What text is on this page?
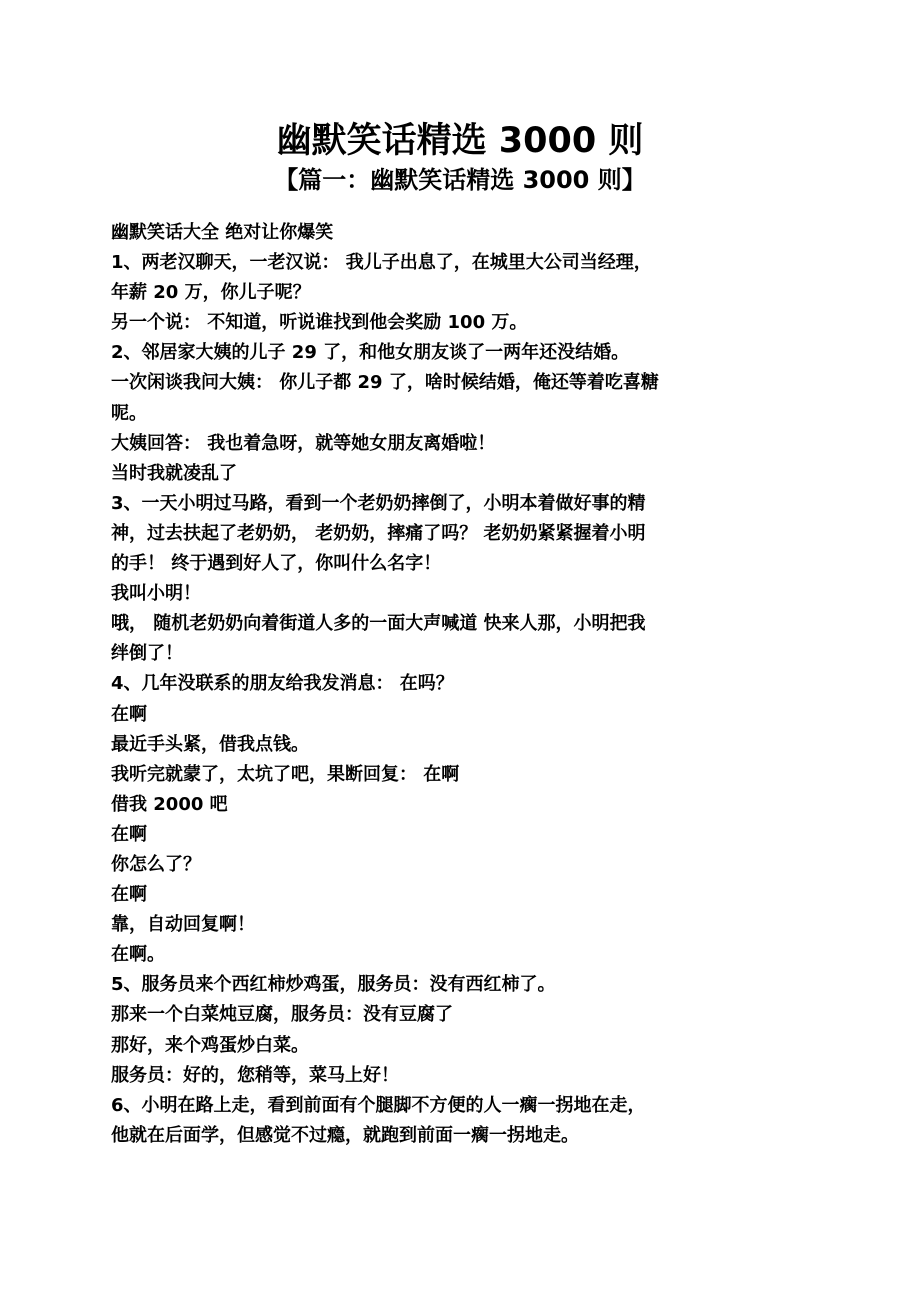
幽默笑话精选 3000 则
【篇一：幽默笑话精选 3000 则】
幽默笑话大全 绝对让你爆笑
1、两老汉聊天，一老汉说： 我儿子出息了，在城里大公司当经理，
年薪 20 万，你儿子呢？
另一个说： 不知道，听说谁找到他会奖励 100 万。
2、邻居家大姨的儿子 29 了，和他女朋友谈了一两年还没结婚。
一次闲谈我问大姨： 你儿子都 29 了，啥时候结婚，俺还等着吃喜糖
呢。
大姨回答： 我也着急呀，就等她女朋友离婚啦！
当时我就凌乱了
3、一天小明过马路，看到一个老奶奶摔倒了，小明本着做好事的精
神，过去扶起了老奶奶， 老奶奶，摔痛了吗？ 老奶奶紧紧握着小明
的手！ 终于遇到好人了，你叫什么名字！
我叫小明！
哦， 随机老奶奶向着街道人多的一面大声喊道 快来人那，小明把我
绊倒了！
4、几年没联系的朋友给我发消息： 在吗？
在啊
最近手头紧，借我点钱。
我听完就蒙了，太坑了吧，果断回复： 在啊
借我 2000 吧
在啊
你怎么了？
在啊
靠，自动回复啊！
在啊。
5、服务员来个西红柿炒鸡蛋，服务员：没有西红柿了。
那来一个白菜炖豆腐，服务员：没有豆腐了
那好，来个鸡蛋炒白菜。
服务员：好的，您稍等，菜马上好！
6、小明在路上走，看到前面有个腿脚不方便的人一瘸一拐地在走，
他就在后面学，但感觉不过瘾，就跑到前面一瘸一拐地走。
